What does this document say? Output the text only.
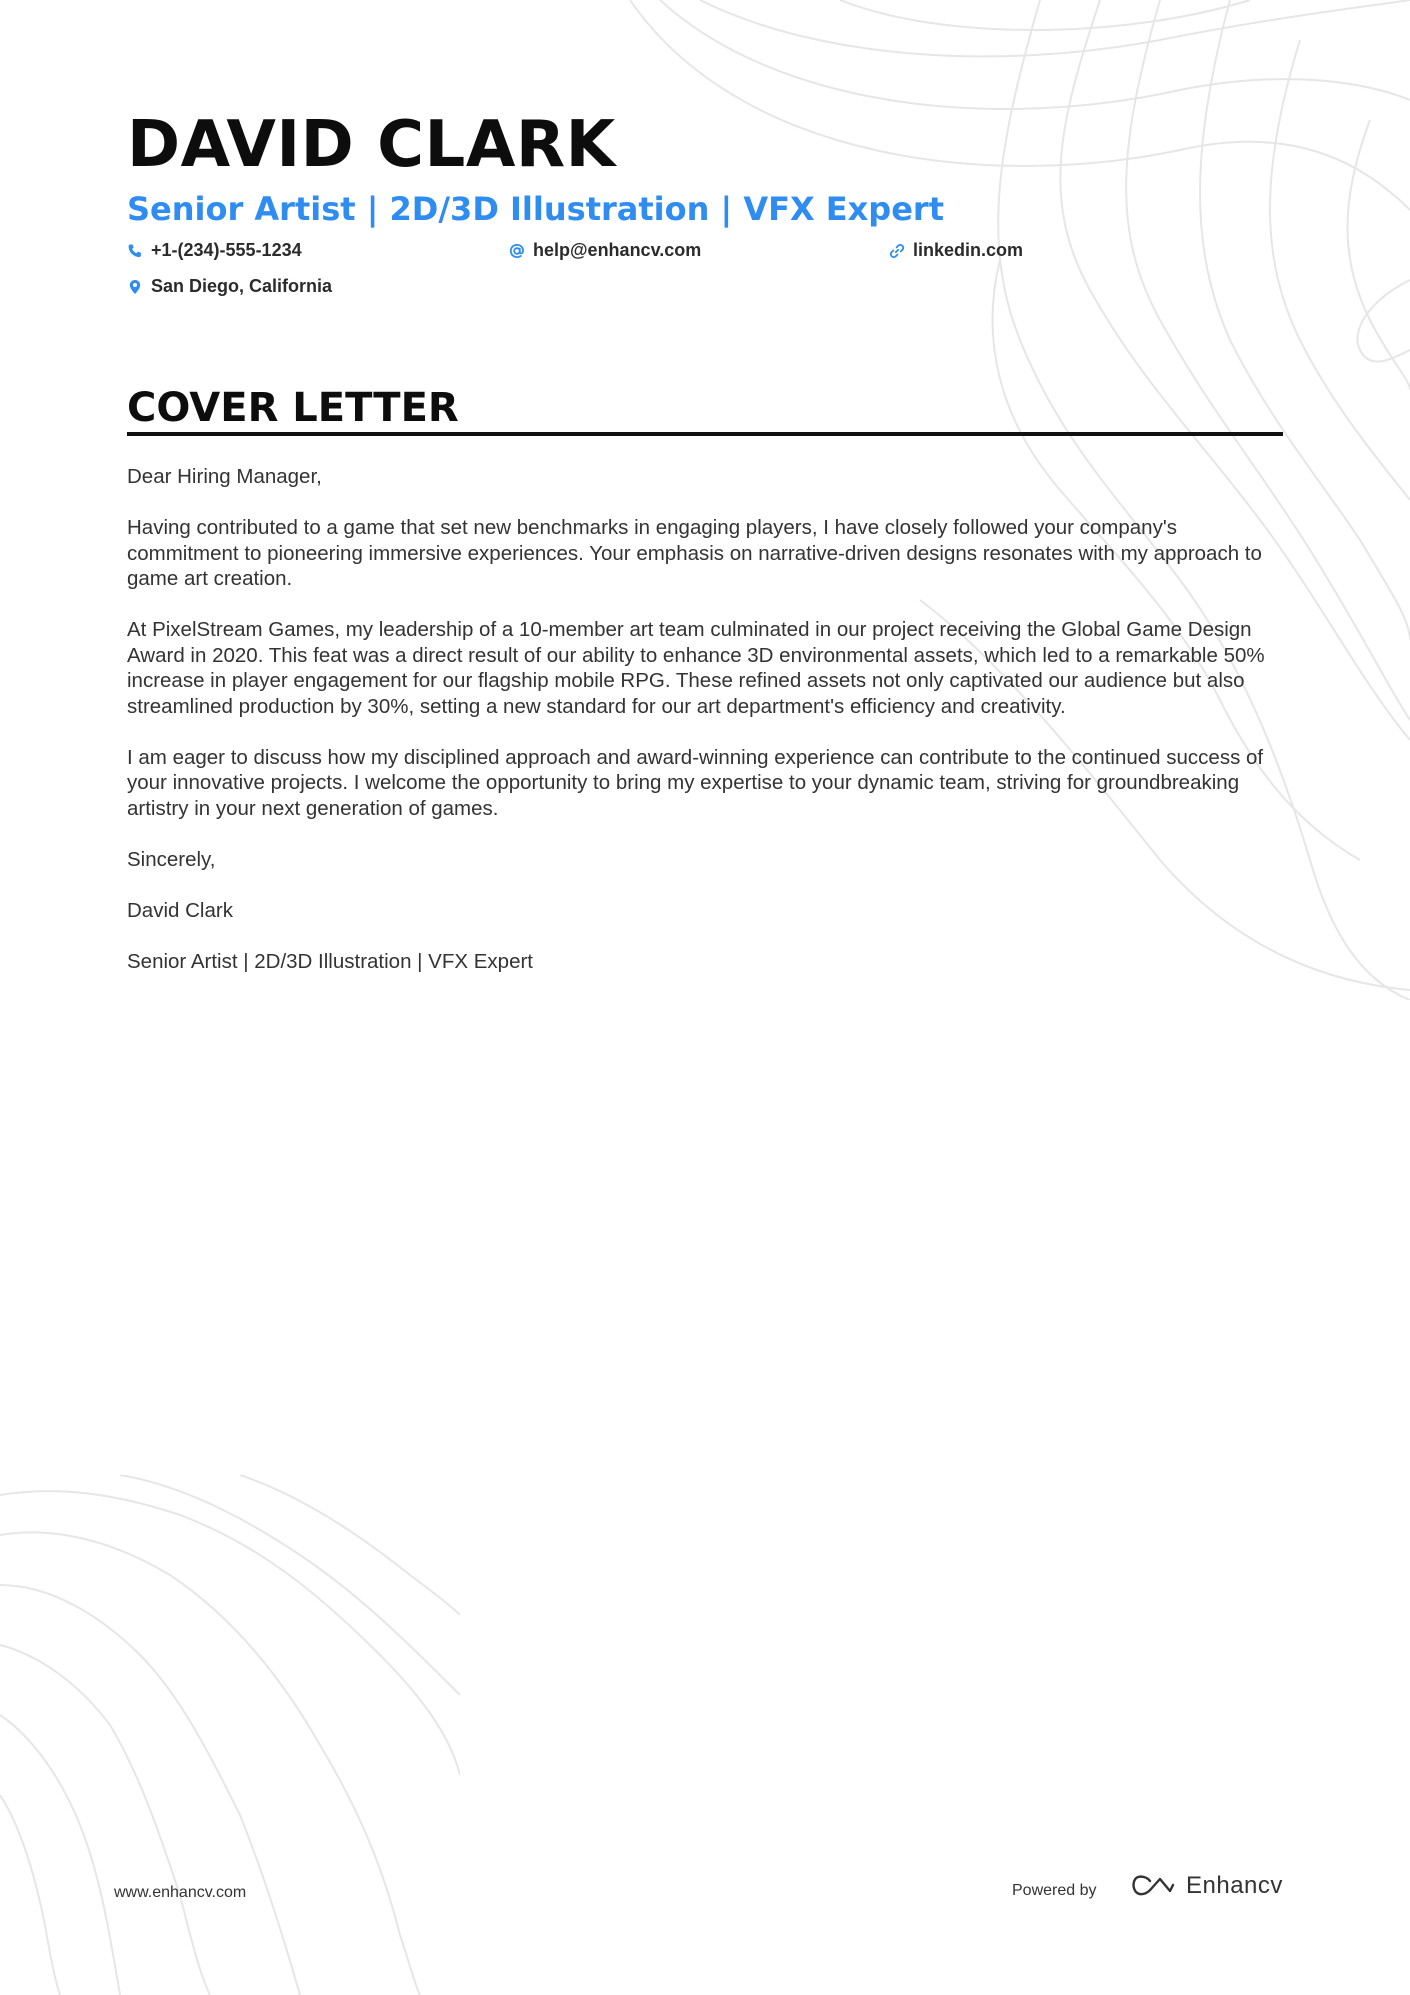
DAVID CLARK
Senior Artist | 2D/3D Illustration | VFX Expert
+1-(234)-555-1234	help@enhancv.com	linkedin.com
San Diego, California
COVER LETTER

Dear Hiring Manager,

Having contributed to a game that set new benchmarks in engaging players, I have closely followed your company's commitment to pioneering immersive experiences. Your emphasis on narrative-driven designs resonates with my approach to game art creation.

At PixelStream Games, my leadership of a 10-member art team culminated in our project receiving the Global Game Design Award in 2020. This feat was a direct result of our ability to enhance 3D environmental assets, which led to a remarkable 50% increase in player engagement for our flagship mobile RPG. These refined assets not only captivated our audience but also streamlined production by 30%, setting a new standard for our art department's efficiency and creativity.

I am eager to discuss how my disciplined approach and award-winning experience can contribute to the continued success of your innovative projects. I welcome the opportunity to bring my expertise to your dynamic team, striving for groundbreaking artistry in your next generation of games.

Sincerely,

David Clark

Senior Artist | 2D/3D Illustration | VFX Expert

www.enhancv.com	Powered by	Enhancv
